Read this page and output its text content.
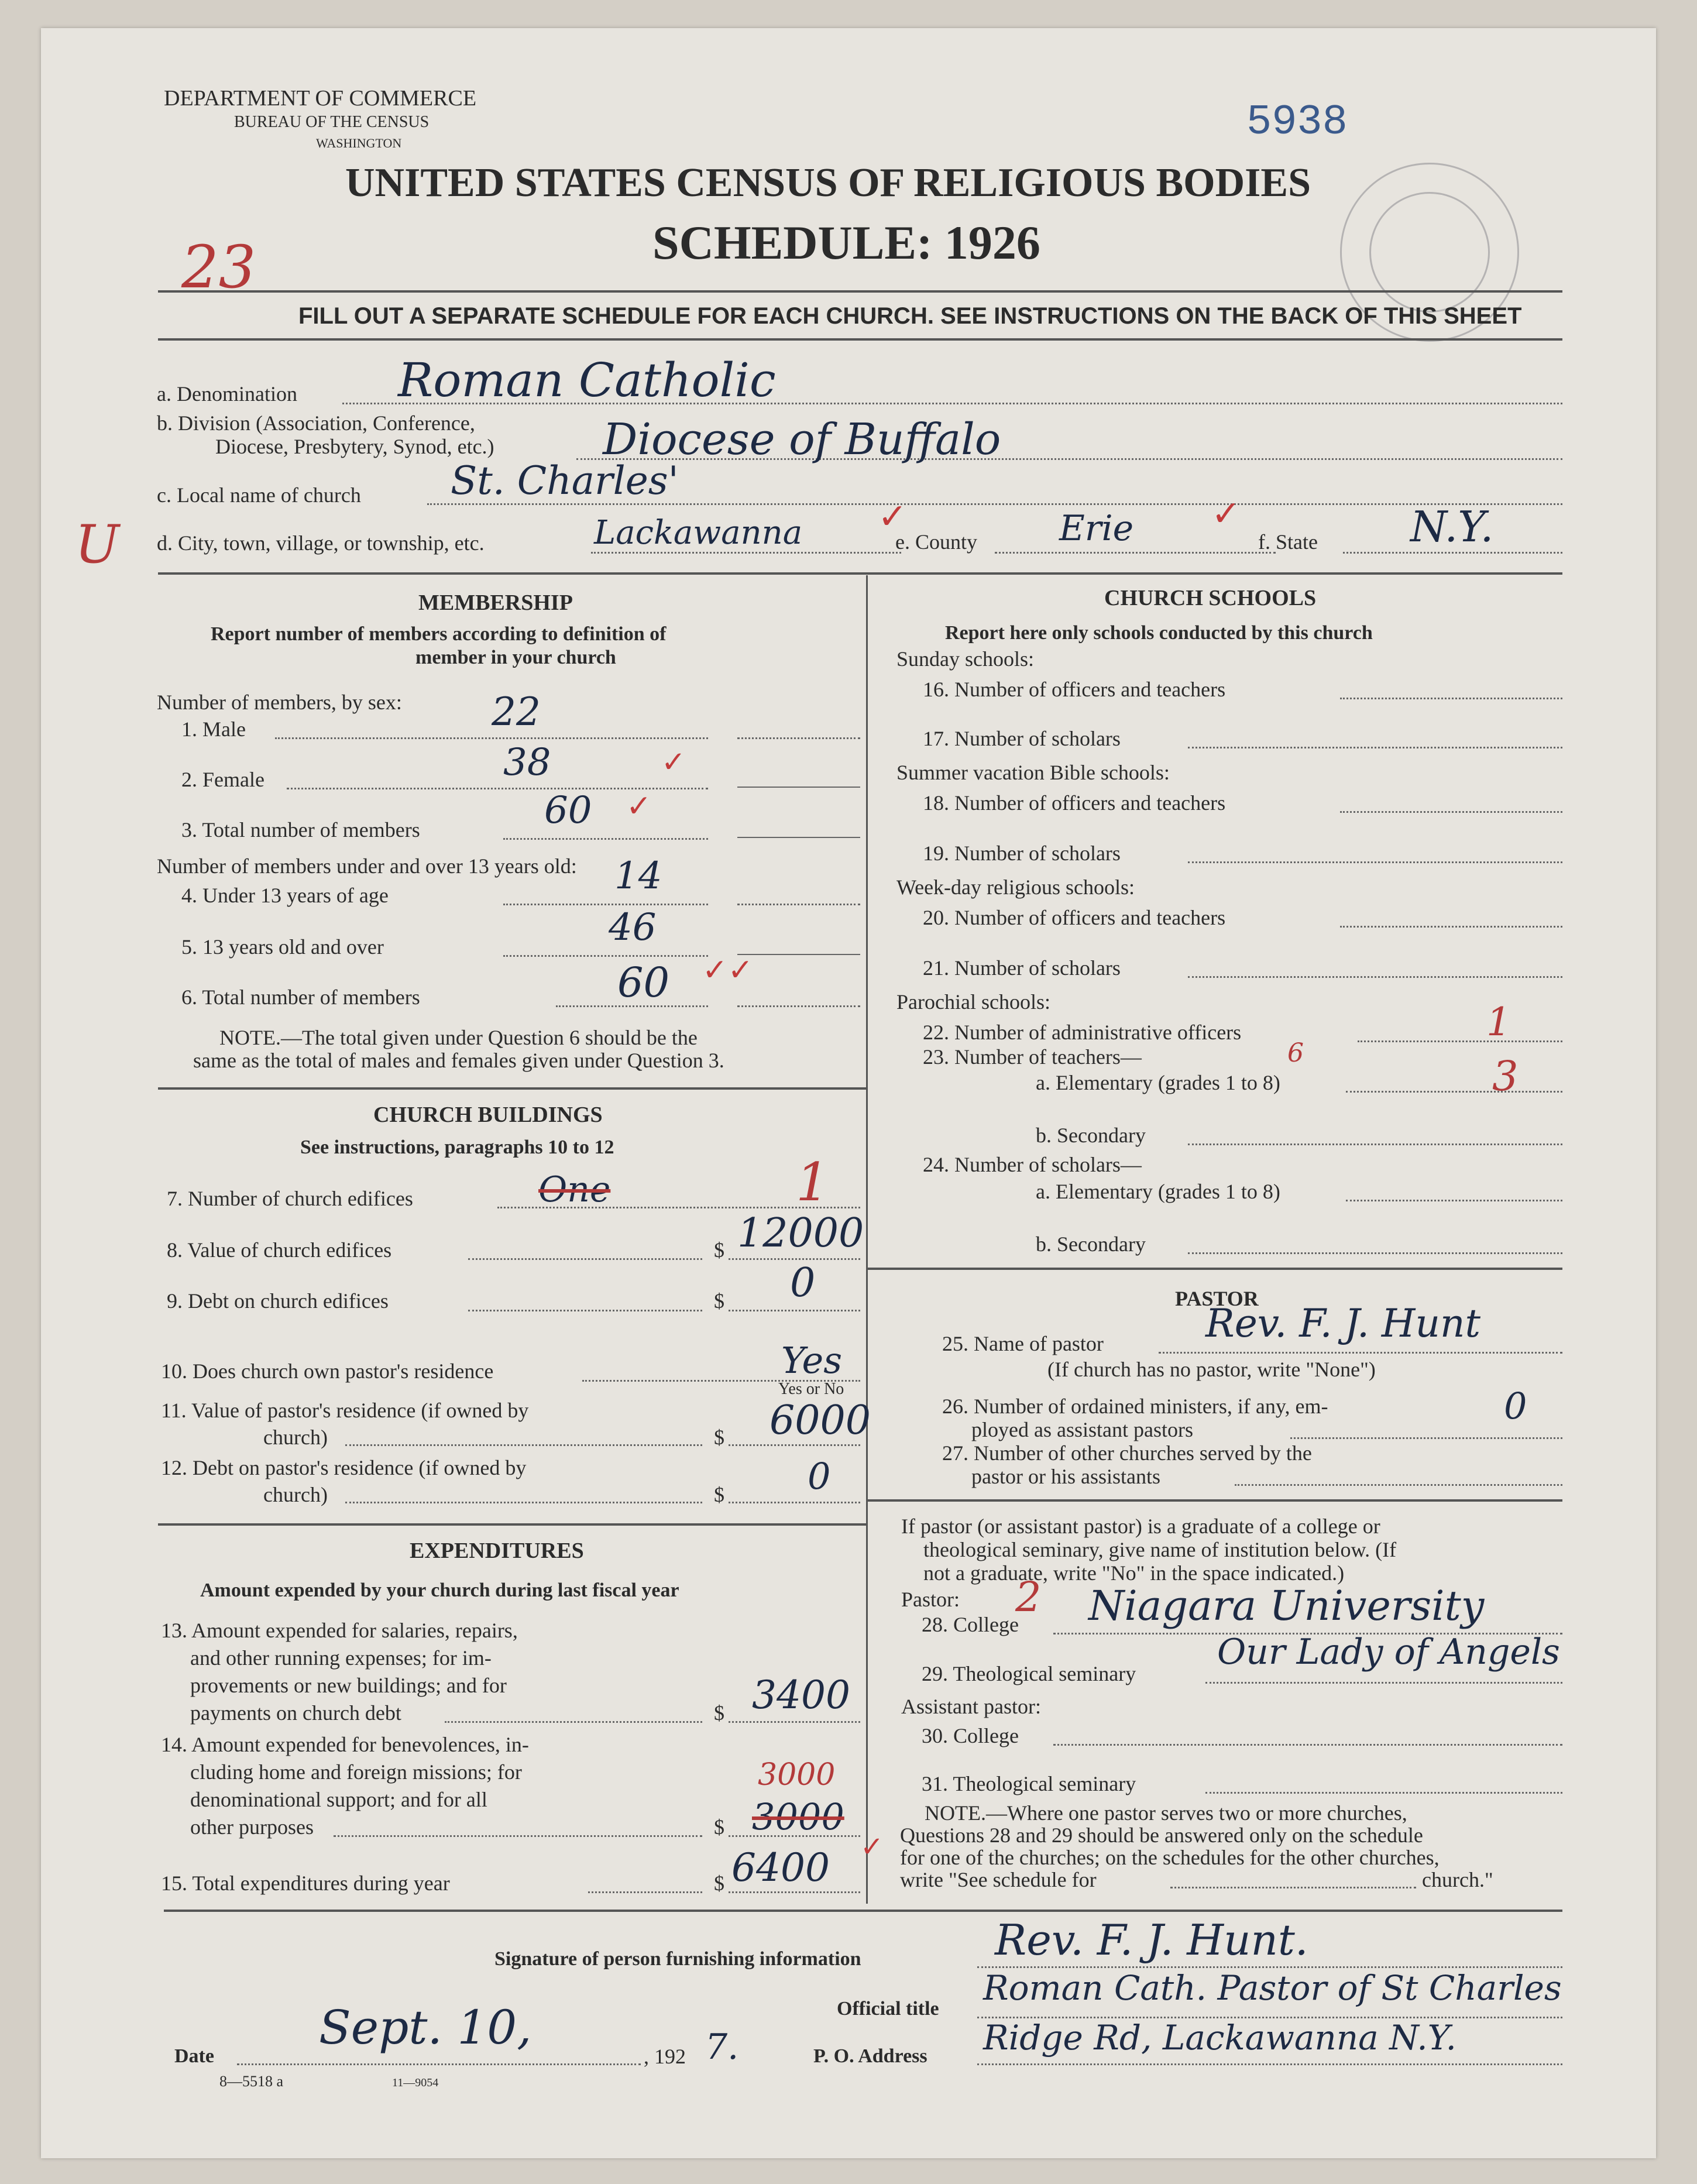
DEPARTMENT OF COMMERCE
BUREAU OF THE CENSUS
WASHINGTON	5938
UNITED STATES CENSUS OF RELIGIOUS BODIES
SCHEDULE: 1926
23
FILL OUT A SEPARATE SCHEDULE FOR EACH CHURCH. SEE INSTRUCTIONS ON THE BACK OF THIS SHEET
a. Denomination Roman Catholic
b. Division (Association, Conference,
Diocese, Presbytery, Synod, etc.)	Diocese of Buffalo
c. Local name of church St. Charles'
U d. City, town, village, or township, etc.	Lackawanna	e. County Erie	f. State N.Y.
✓	✓
MEMBERSHIP
Report number of members according to definition of
member in your church
Number of members, by sex:
1. Male	22
2. Female	38	✓
3. Total number of members	60 ✓
Number of members under and over 13 years old:
4. Under 13 years of age	14
5. 13 years old and over	46
6. Total number of members	60 ✓✓
NOTE.—The total given under Question 6 should be the
same as the total of males and females given under Question 3.
CHURCH BUILDINGS
See instructions, paragraphs 10 to 12
7. Number of church edifices	One	1
8. Value of church edifices	$ 12000
9. Debt on church edifices	$ 0
10. Does church own pastor's residence	Yes
Yes or No
11. Value of pastor's residence (if owned by
church)	$ 6000
12. Debt on pastor's residence (if owned by
church)	$ 0
EXPENDITURES
Amount expended by your church during last fiscal year
13. Amount expended for salaries, repairs,
and other running expenses; for im-
provements or new buildings; and for
payments on church debt	$ 3400
14. Amount expended for benevolences, in-
cluding home and foreign missions; for
denominational support; and for all
other purposes	$
3000
3000
15. Total expenditures during year	$ 6400 ✓
CHURCH SCHOOLS
Report here only schools conducted by this church
Sunday schools:
16. Number of officers and teachers
17. Number of scholars
Summer vacation Bible schools:
18. Number of officers and teachers
19. Number of scholars
Week-day religious schools:
20. Number of officers and teachers
21. Number of scholars
Parochial schools:
22. Number of administrative officers	1
23. Number of teachers—	6
a. Elementary (grades 1 to 8)	3
b. Secondary
24. Number of scholars—
a. Elementary (grades 1 to 8)
b. Secondary
PASTOR
25. Name of pastor	Rev. F. J. Hunt
(If church has no pastor, write "None")
26. Number of ordained ministers, if any, em-
ployed as assistant pastors
0
27. Number of other churches served by the
pastor or his assistants
If pastor (or assistant pastor) is a graduate of a college or
theological seminary, give name of institution below. (If
not a graduate, write "No" in the space indicated.)
Pastor: 2
28. College Niagara University
29. Theological seminary
Our Lady of Angels
Assistant pastor:
30. College
31. Theological seminary
NOTE.—Where one pastor serves two or more churches,
Questions 28 and 29 should be answered only on the schedule
for one of the churches; on the schedules for the other churches,
write "See schedule for	church."
Signature of person furnishing information	Rev. F. J. Hunt.
Official title
Roman Cath. Pastor of St Charles
Date
Sept. 10,
, 192 7.	P. O. Address Ridge Rd, Lackawanna N.Y.
8—5518 a	11—9054
